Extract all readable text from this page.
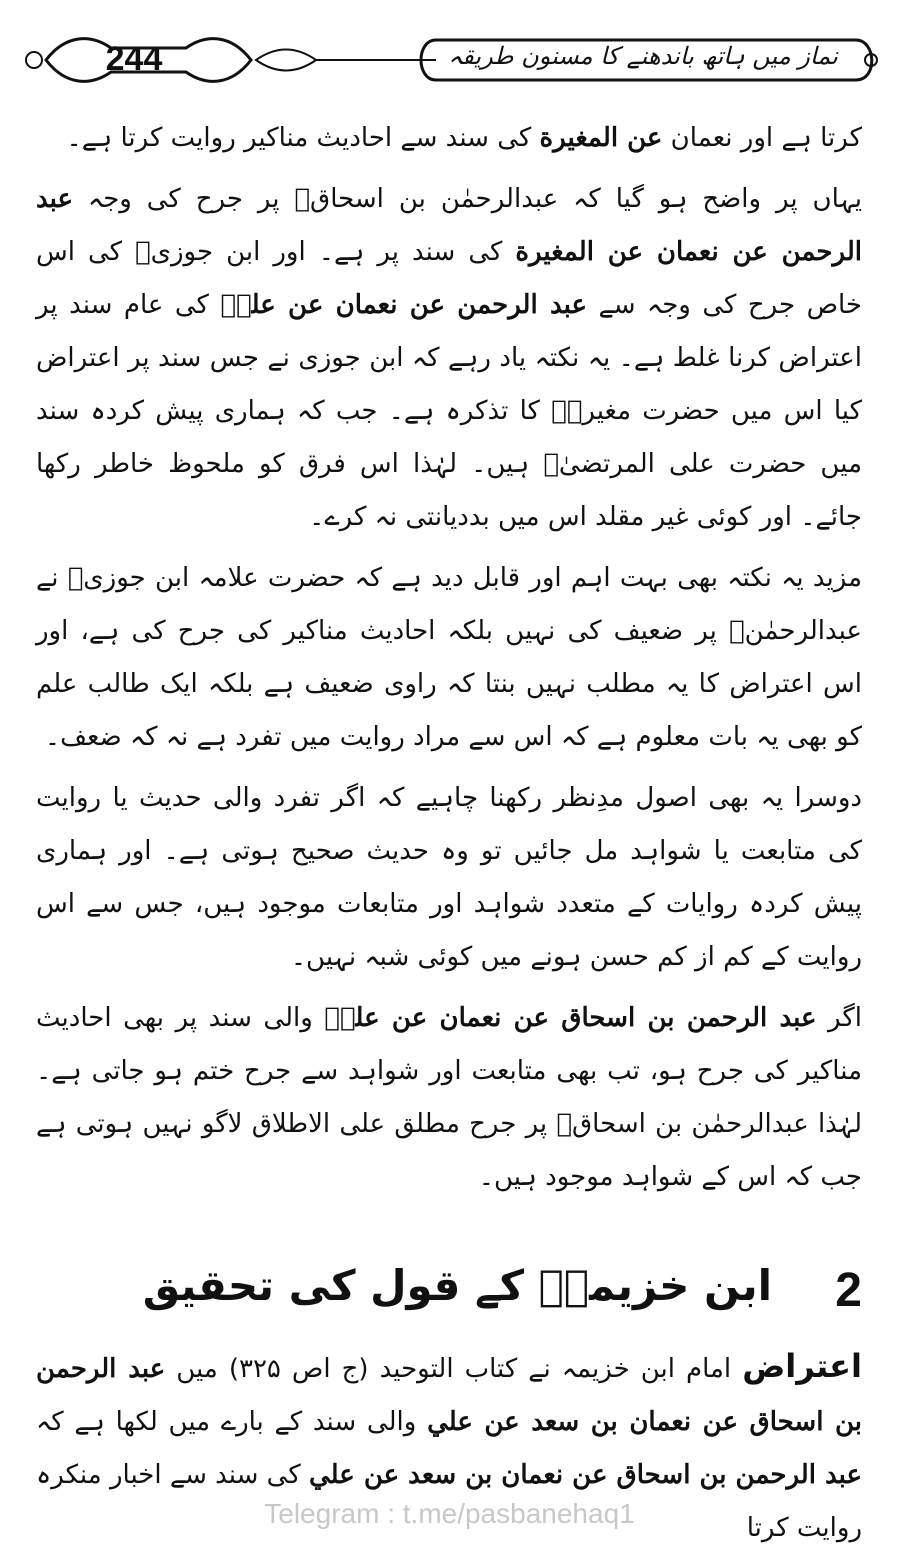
244	نماز میں ہاتھ باندھنے کا مسنون طریقہ

کرتا ہے اور نعمان عن المغيرة کی سند سے احادیث مناکیر روایت کرتا ہے۔

یہاں پر واضح ہو گیا کہ عبدالرحمٰن بن اسحاقؒ پر جرح کی وجہ عبد الرحمن عن نعمان عن المغيرة کی سند پر ہے۔ اور ابن جوزیؒ کی اس خاص جرح کی وجہ سے عبد الرحمن عن نعمان عن عليؓ کی عام سند پر اعتراض کرنا غلط ہے۔ یہ نکتہ یاد رہے کہ ابن جوزی نے جس سند پر اعتراض کیا اس میں حضرت مغیرہؓ کا تذکرہ ہے۔ جب کہ ہماری پیش کردہ سند میں حضرت علی المرتضیٰؓ ہیں۔ لہٰذا اس فرق کو ملحوظ خاطر رکھا جائے۔ اور کوئی غیر مقلد اس میں بددیانتی نہ کرے۔

مزید یہ نکتہ بھی بہت اہم اور قابل دید ہے کہ حضرت علامہ ابن جوزیؒ نے عبدالرحمٰنؒ پر ضعیف کی نہیں بلکہ احادیث مناکیر کی جرح کی ہے، اور اس اعتراض کا یہ مطلب نہیں بنتا کہ راوی ضعیف ہے بلکہ ایک طالب علم کو بھی یہ بات معلوم ہے کہ اس سے مراد روایت میں تفرد ہے نہ کہ ضعف۔

دوسرا یہ بھی اصول مدِنظر رکھنا چاہیے کہ اگر تفرد والی حدیث یا روایت کی متابعت یا شواہد مل جائیں تو وہ حدیث صحیح ہوتی ہے۔ اور ہماری پیش کردہ روایات کے متعدد شواہد اور متابعات موجود ہیں، جس سے اس روایت کے کم از کم حسن ہونے میں کوئی شبہ نہیں۔

اگر عبد الرحمن بن اسحاق عن نعمان عن عليؓ والی سند پر بھی احادیث مناکیر کی جرح ہو، تب بھی متابعت اور شواہد سے جرح ختم ہو جاتی ہے۔ لہٰذا عبدالرحمٰن بن اسحاقؒ پر جرح مطلق علی الاطلاق لاگو نہیں ہوتی ہے جب کہ اس کے شواہد موجود ہیں۔

2
ابن خزیمہؒ کے قول کی تحقیق
اعتراض امام ابن خزیمہ نے کتاب التوحید (ج اص ۳۲۵) میں عبد الرحمن بن اسحاق عن نعمان بن سعد عن علي والی سند کے بارے میں لکھا ہے کہ عبد الرحمن بن اسحاق عن نعمان بن سعد عن علي کی سند سے اخبار منکرہ روایت کرتا
Telegram : t.me/pasbanehaq1
